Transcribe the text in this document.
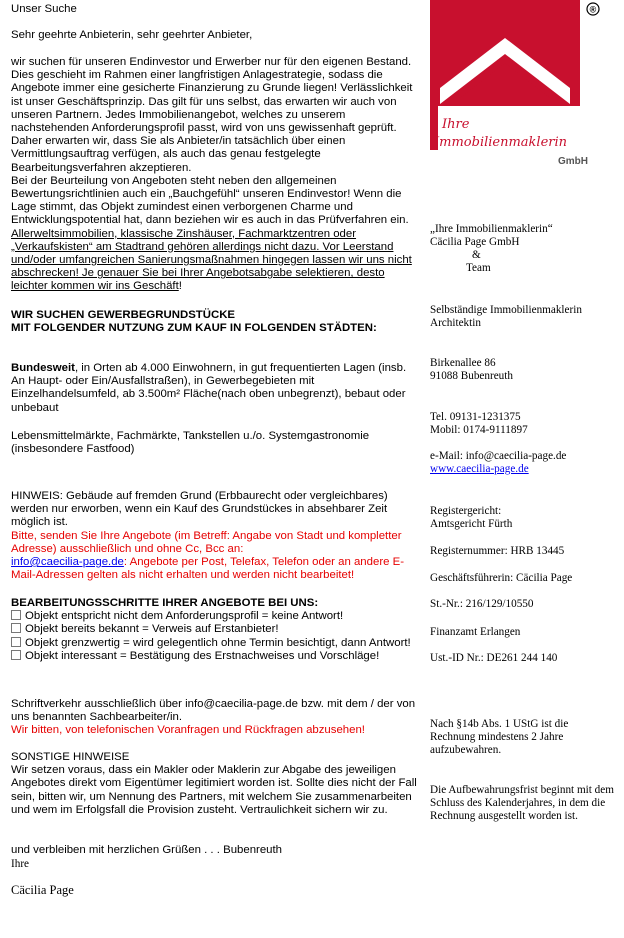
Unser Suche
Sehr geehrte Anbieterin, sehr geehrter Anbieter,

wir suchen für unseren Endinvestor und Erwerber nur für den eigenen Bestand. Dies geschieht im Rahmen einer langfristigen Anlagestrategie, sodass die Angebote immer eine gesicherte Finanzierung zu Grunde liegen! Verlässlichkeit ist unser Geschäftsprinzip. Das gilt für uns selbst, das erwarten wir auch von unseren Partnern. Jedes Immobilienangebot, welches zu unserem nachstehenden Anforderungsprofil passt, wird von uns gewissenhaft geprüft. Daher erwarten wir, dass Sie als Anbieter/in tatsächlich über einen Vermittlungsauftrag verfügen, als auch das genau festgelegte Bearbeitungsverfahren akzeptieren.

Bei der Beurteilung von Angeboten steht neben den allgemeinen Bewertungsrichtlinien auch ein „Bauchgefühl“ unseren Endinvestor! Wenn die Lage stimmt, das Objekt zumindest einen verborgenen Charme und Entwicklungspotential hat, dann beziehen wir es auch in das Prüfverfahren ein.

Allerweltsimmobilien, klassische Zinshäuser, Fachmarktzentren oder „Verkaufskisten“ am Stadtrand gehören allerdings nicht dazu. Vor Leerstand und/oder umfangreichen Sanierungsmaßnahmen hingegen lassen wir uns nicht abschrecken! Je genauer Sie bei Ihrer Angebotsabgabe selektieren, desto leichter kommen wir ins Geschäft!

WIR SUCHEN GEWERBEGRUNDSTÜCKE
MIT FOLGENDER NUTZUNG ZUM KAUF IN FOLGENDEN STÄDTEN:
Bundesweit, in Orten ab 4.000 Einwohnern, in gut frequentierten Lagen (insb. An Haupt- oder Ein/Ausfallstraßen), in Gewerbegebieten mit Einzelhandelsumfeld, ab 3.500m² Fläche(nach oben unbegrenzt), bebaut oder unbebaut
Lebensmittelmärkte, Fachmärkte, Tankstellen u./o. Systemgastronomie (insbesondere Fastfood)

HINWEIS: Gebäude auf fremden Grund (Erbbaurecht oder vergleichbares) werden nur erworben, wenn ein Kauf des Grundstückes in absehbarer Zeit möglich ist.

Bitte, senden Sie Ihre Angebote (im Betreff: Angabe von Stadt und kompletter Adresse) ausschließlich und ohne Cc, Bcc an:

info@caecilia-page.de: Angebote per Post, Telefax, Telefon oder an andere E-Mail-Adressen gelten als nicht erhalten und werden nicht bearbeitet!

BEARBEITUNGSSCHRITTE IHRER ANGEBOTE BEI UNS:
Objekt entspricht nicht dem Anforderungsprofil = keine Antwort!
Objekt bereits bekannt = Verweis auf Erstanbieter!
Objekt grenzwertig = wird gelegentlich ohne Termin besichtigt, dann Antwort!
Objekt interessant = Bestätigung des Erstnachweises und Vorschläge!

Schriftverkehr ausschließlich über info@caecilia-page.de bzw. mit dem / der von uns benannten Sachbearbeiter/in.

Wir bitten, von telefonischen Voranfragen und Rückfragen abzusehen!

SONSTIGE HINWEISE

Wir setzen voraus, dass ein Makler oder Maklerin zur Abgabe des jeweiligen Angebotes direkt vom Eigentümer legitimiert worden ist. Sollte dies nicht der Fall sein, bitten wir, um Nennung des Partners, mit welchem Sie zusammenarbeiten und wem im Erfolgsfall die Provision zusteht. Vertraulichkeit sichern wir zu.

und verbleiben mit herzlichen Grüßen . . . Bubenreuth
Ihre
Cäcilia Page
®
Ihre
Immobilienmaklerin
GmbH
„Ihre Immobilienmaklerin“
Cäcilia Page GmbH
&
Team
Selbständige Immobilienmaklerin
Architektin
Birkenallee 86
91088 Bubenreuth
Tel. 09131-1231375
Mobil: 0174-9111897
e-Mail: info@caecilia-page.de
www.caecilia-page.de
Registergericht:
Amtsgericht Fürth
Registernummer: HRB 13445
Geschäftsführerin: Cäcilia Page
St.-Nr.: 216/129/10550
Finanzamt Erlangen
Ust.-ID Nr.: DE261 244 140
Nach §14b Abs. 1 UStG ist die Rechnung mindestens 2 Jahre aufzubewahren.
Die Aufbewahrungsfrist beginnt mit dem Schluss des Kalenderjahres, in dem die Rechnung ausgestellt worden ist.
